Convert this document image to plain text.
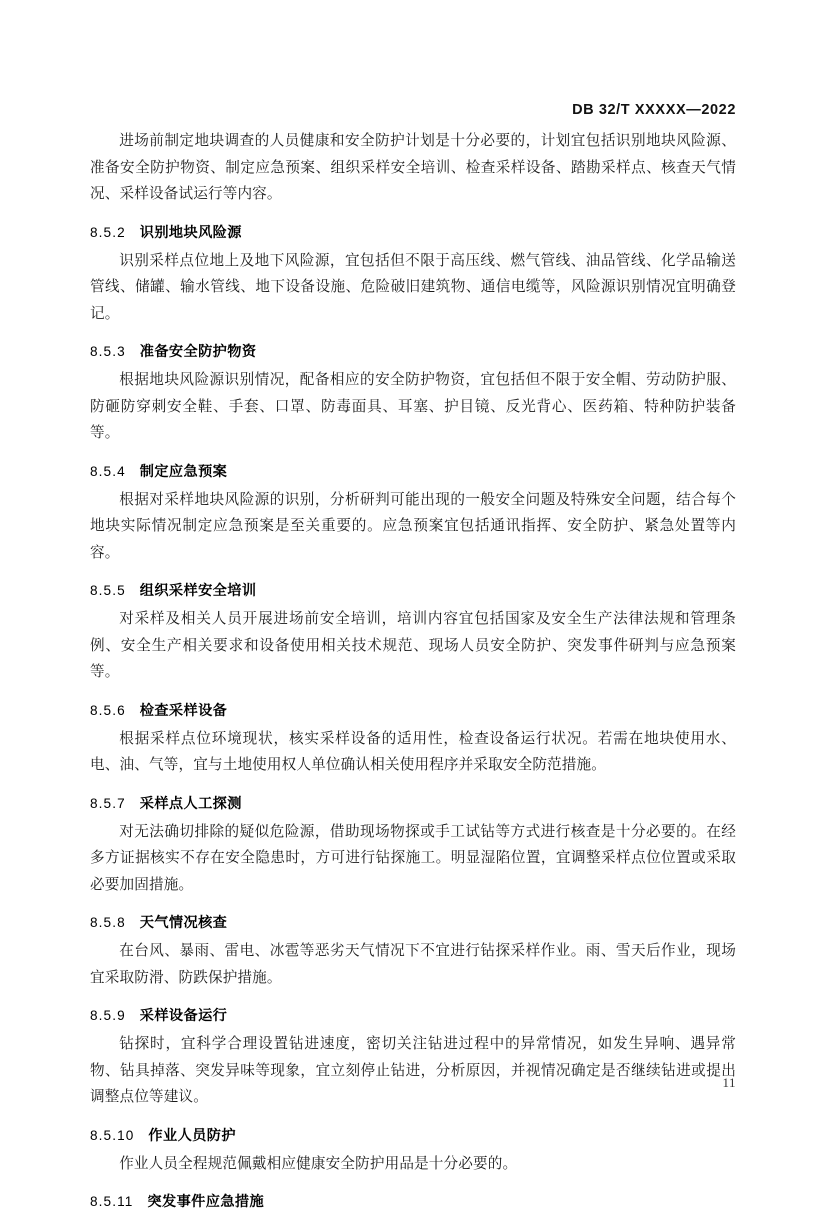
DB 32/T XXXXX—2022

进场前制定地块调查的人员健康和安全防护计划是十分必要的，计划宜包括识别地块风险源、准备安全防护物资、制定应急预案、组织采样安全培训、检查采样设备、踏勘采样点、核查天气情况、采样设备试运行等内容。

8.5.2 识别地块风险源

识别采样点位地上及地下风险源，宜包括但不限于高压线、燃气管线、油品管线、化学品输送管线、储罐、输水管线、地下设备设施、危险破旧建筑物、通信电缆等，风险源识别情况宜明确登记。

8.5.3 准备安全防护物资

根据地块风险源识别情况，配备相应的安全防护物资，宜包括但不限于安全帽、劳动防护服、防砸防穿刺安全鞋、手套、口罩、防毒面具、耳塞、护目镜、反光背心、医药箱、特种防护装备等。

8.5.4 制定应急预案

根据对采样地块风险源的识别，分析研判可能出现的一般安全问题及特殊安全问题，结合每个地块实际情况制定应急预案是至关重要的。应急预案宜包括通讯指挥、安全防护、紧急处置等内容。

8.5.5 组织采样安全培训

对采样及相关人员开展进场前安全培训，培训内容宜包括国家及安全生产法律法规和管理条例、安全生产相关要求和设备使用相关技术规范、现场人员安全防护、突发事件研判与应急预案等。

8.5.6 检查采样设备

根据采样点位环境现状，核实采样设备的适用性，检查设备运行状况。若需在地块使用水、电、油、气等，宜与土地使用权人单位确认相关使用程序并采取安全防范措施。

8.5.7 采样点人工探测

对无法确切排除的疑似危险源，借助现场物探或手工试钻等方式进行核查是十分必要的。在经多方证据核实不存在安全隐患时，方可进行钻探施工。明显湿陷位置，宜调整采样点位位置或采取必要加固措施。

8.5.8 天气情况核查

在台风、暴雨、雷电、冰雹等恶劣天气情况下不宜进行钻探采样作业。雨、雪天后作业，现场宜采取防滑、防跌保护措施。

8.5.9 采样设备运行

钻探时，宜科学合理设置钻进速度，密切关注钻进过程中的异常情况，如发生异响、遇异常物、钻具掉落、突发异味等现象，宜立刻停止钻进，分析原因，并视情况确定是否继续钻进或提出调整点位等建议。

8.5.10 作业人员防护

作业人员全程规范佩戴相应健康安全防护用品是十分必要的。

8.5.11 突发事件应急措施
11
